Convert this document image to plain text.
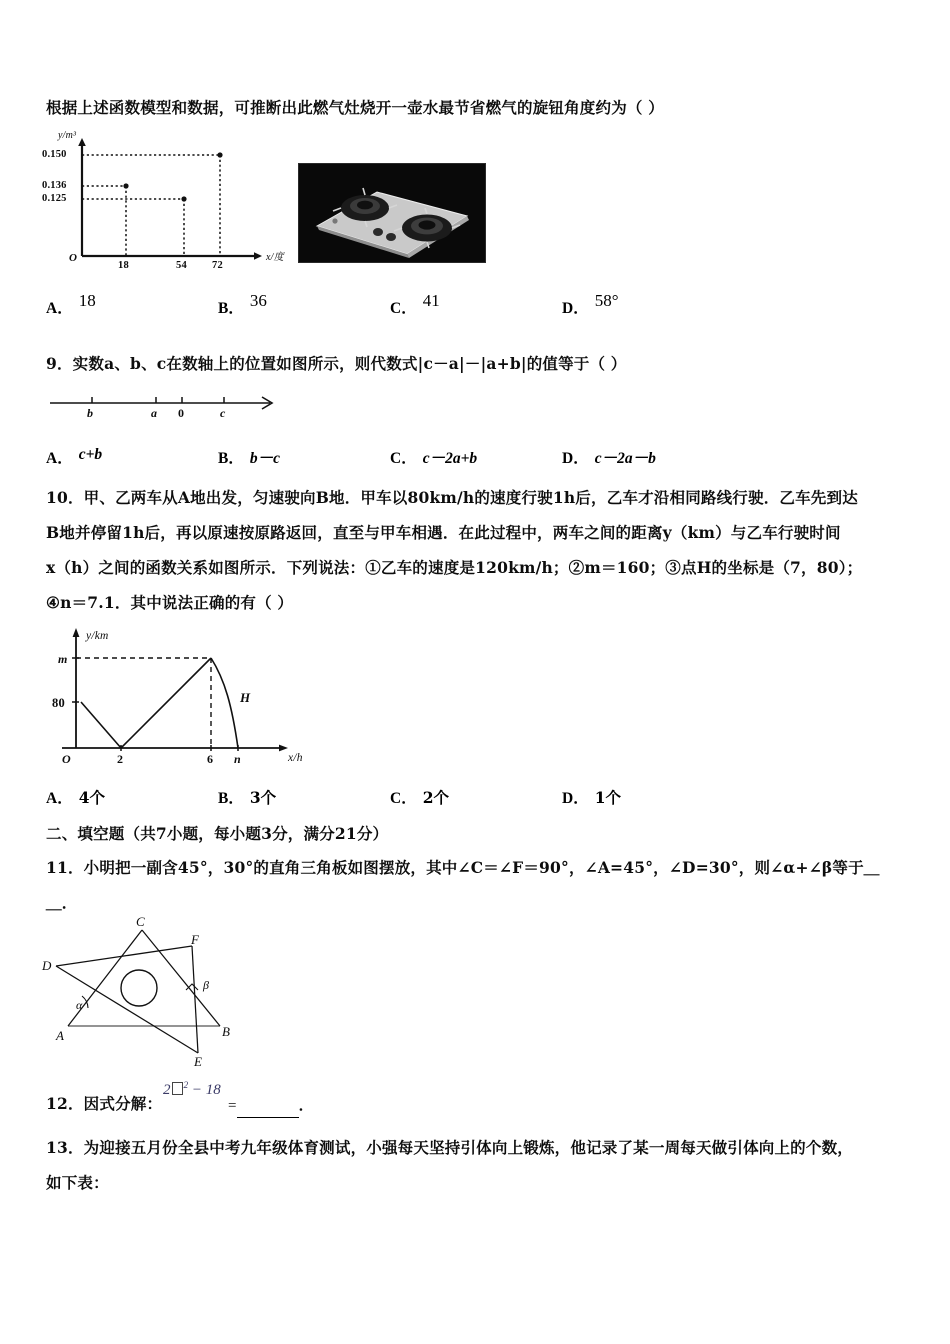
根据上述函数模型和数据，可推断出此燃气灶烧开一壶水最节省燃气的旋钮角度约为（ ）
y/m³
0.150
0.136
0.125
O
18	54 72
x/度
A． 18	B． 36	C． 41	D． 58 °
9．实数a、b、c在数轴上的位置如图所示，则代数式|c－a|－|a+b|的值等于（ ）
b	a 0	c
A． c+b	B． b－c	C． c－2a+b	D． c－2a－b
10．甲、乙两车从A地出发，匀速驶向B地．甲车以80km/h的速度行驶1h后，乙车才沿相同路线行驶．乙车先到达
B地并停留1h后，再以原速按原路返回，直至与甲车相遇．在此过程中，两车之间的距离y（km）与乙车行驶时间
x（h）之间的函数关系如图所示．下列说法：①乙车的速度是120km/h；②m＝160；③点H的坐标是（7，80）；
④n＝7.1．其中说法正确的有（ ）
y/km
m
80
O	2	6 n
H
x/h
A． 4个	B． 3个	C． 2个	D． 1个
二、填空题（共7小题，每小题3分，满分21分）
11．小明把一副含45°，30°的直角三角板如图摆放，其中∠C＝∠F＝90°，∠A=45°，∠D=30°，则∠α+∠β等于＿
＿．
C
F
D
β
α
A	B
E
12．因式分解：
2 $^2$ − 18
=	．
13．为迎接五月份全县中考九年级体育测试，小强每天坚持引体向上锻炼，他记录了某一周每天做引体向上的个数，
如下表：
